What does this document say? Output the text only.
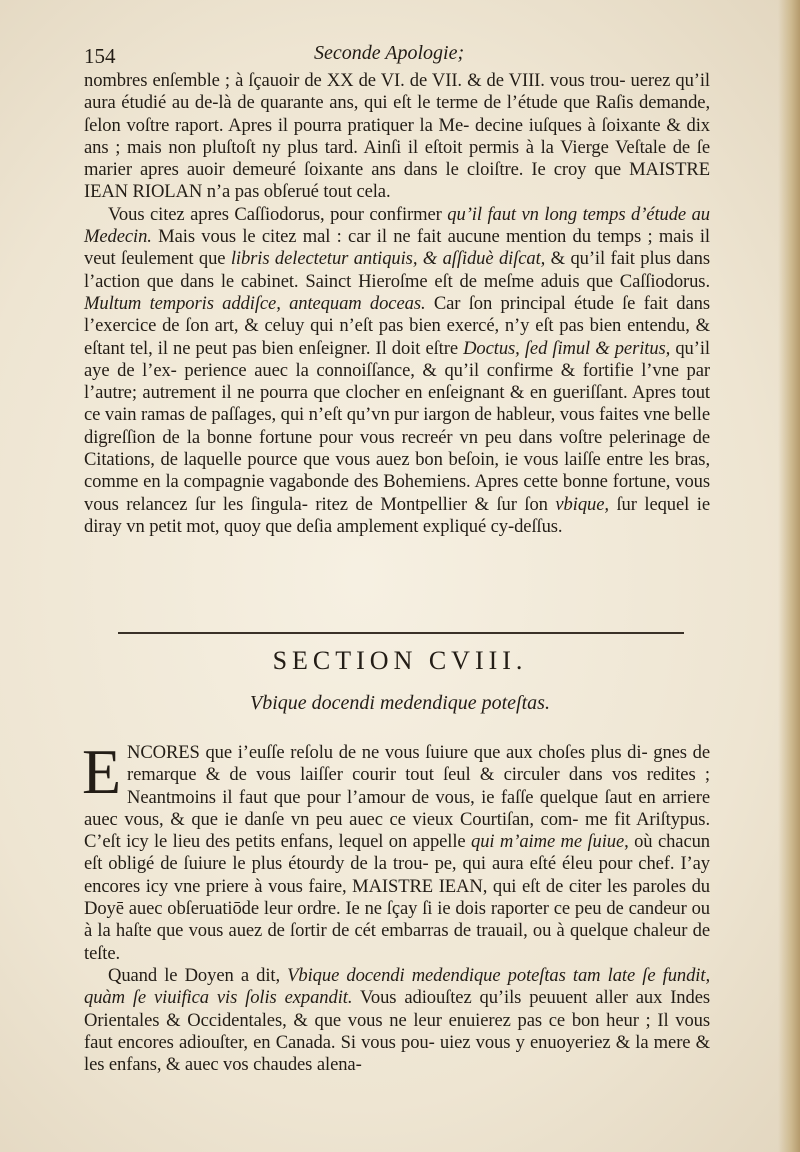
154	Seconde Apologie;

nombres enſemble ; à ſçauoir de XX de VI. de VII. & de VIII. vous trou- uerez qu’il aura étudié au de-là de quarante ans, qui eſt le terme de l’étude que Raſis demande, ſelon voſtre raport. Apres il pourra pratiquer la Me- decine iuſques à ſoixante & dix ans ; mais non pluſtoſt ny plus tard. Ainſi il eſtoit permis à la Vierge Veſtale de ſe marier apres auoir demeuré ſoixante ans dans le cloiſtre. Ie croy que MAISTRE IEAN RIOLAN n’a pas obſerué tout cela.

Vous citez apres Caſſiodorus, pour confirmer qu’il faut vn long temps d’étude au Medecin. Mais vous le citez mal : car il ne fait aucune mention du temps ; mais il veut ſeulement que libris delectetur antiquis, & aſſiduè diſcat, & qu’il fait plus dans l’action que dans le cabinet. Sainct Hieroſme eſt de meſme aduis que Caſſiodorus. Multum temporis addiſce, antequam doceas. Car ſon principal étude ſe fait dans l’exercice de ſon art, & celuy qui n’eſt pas bien exercé, n’y eſt pas bien entendu, & eſtant tel, il ne peut pas bien enſeigner. Il doit eſtre Doctus, ſed ſimul & peritus, qu’il aye de l’ex- perience auec la connoiſſance, & qu’il confirme & fortifie l’vne par l’autre; autrement il ne pourra que clocher en enſeignant & en gueriſſant. Apres tout ce vain ramas de paſſages, qui n’eſt qu’vn pur iargon de hableur, vous faites vne belle digreſſion de la bonne fortune pour vous recreér vn peu dans voſtre pelerinage de Citations, de laquelle pource que vous auez bon beſoin, ie vous laiſſe entre les bras, comme en la compagnie vagabonde des Bohemiens. Apres cette bonne fortune, vous vous relancez ſur les ſingula- ritez de Montpellier & ſur ſon vbique, ſur lequel ie diray vn petit mot, quoy que deſia amplement expliqué cy-deſſus.

SECTION CVIII.
Vbique docendi medendique poteſtas.

ENCORES que i’euſſe reſolu de ne vous ſuiure que aux choſes plus di- gnes de remarque & de vous laiſſer courir tout ſeul & circuler dans vos redites ; Neantmoins il faut que pour l’amour de vous, ie faſſe quelque ſaut en arriere auec vous, & que ie danſe vn peu auec ce vieux Courtiſan, com- me fit Ariſtypus. C’eſt icy le lieu des petits enfans, lequel on appelle qui m’aime me ſuiue, où chacun eſt obligé de ſuiure le plus étourdy de la trou- pe, qui aura eſté éleu pour chef. I’ay encores icy vne priere à vous faire, MAISTRE IEAN, qui eſt de citer les paroles du Doyē auec obſeruatiōde leur ordre. Ie ne ſçay ſi ie dois raporter ce peu de candeur ou à la haſte que vous auez de ſortir de cét embarras de trauail, ou à quelque chaleur de teſte.

Quand le Doyen a dit, Vbique docendi medendique poteſtas tam late ſe fundit, quàm ſe viuifica vis ſolis expandit. Vous adiouſtez qu’ils peuuent aller aux Indes Orientales & Occidentales, & que vous ne leur enuierez pas ce bon heur ; Il vous faut encores adiouſter, en Canada. Si vous pou- uiez vous y enuoyeriez & la mere & les enfans, & auec vos chaudes alena-
